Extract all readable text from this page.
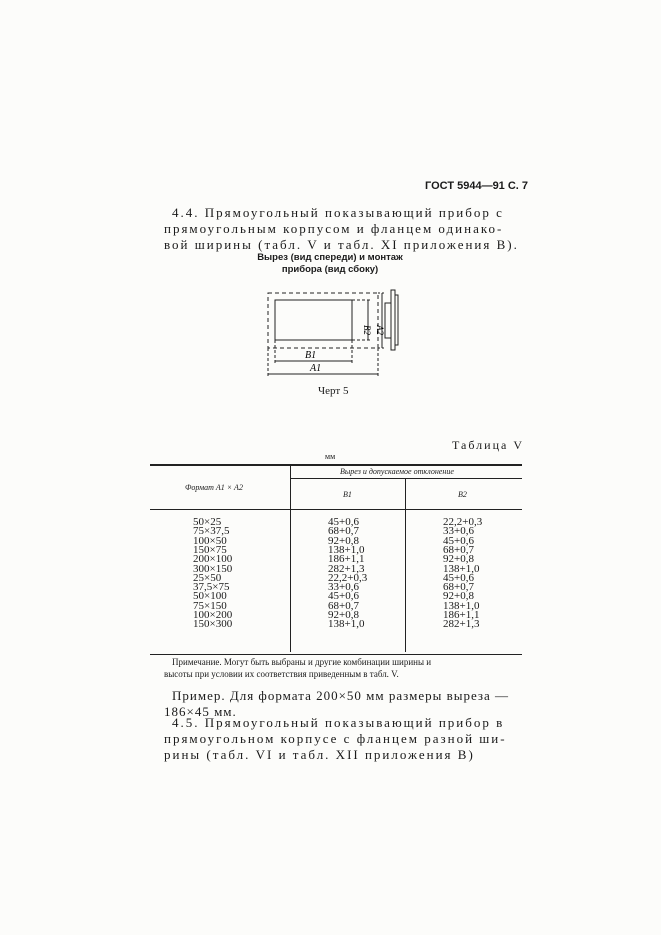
ГОСТ 5944—91 С. 7
4.4. Прямоугольный показывающий прибор с
прямоугольным корпусом и фланцем одинако-
вой ширины (табл. V и табл. XI приложения В).
Вырез (вид спереди) и монтаж
прибора (вид сбоку)
B1
A1
B2 A2
Черт 5
Таблица V
мм
Формат A1 × A2
Вырез и допускаемое отклонение
B1	B2
50×25	45+0,6	22,2+0,3
75×37,5	68+0,7	33+0,6
100×50	92+0,8	45+0,6
150×75	138+1,0	68+0,7
200×100	186+1,1	92+0,8
300×150	282+1,3	138+1,0
25×50	22,2+0,3	45+0,6
37,5×75	33+0,6	68+0,7
50×100	45+0,6	92+0,8
75×150	68+0,7	138+1,0
100×200	92+0,8	186+1,1
150×300	138+1,0	282+1,3
Примечание. Могут быть выбраны и другие комбинации ширины и
высоты при условии их соответствия приведенным в табл. V.
Пример. Для формата 200×50 мм размеры выреза —
186×45 мм.
4.5. Прямоугольный показывающий прибор в
прямоугольном корпусе с фланцем разной ши-
рины (табл. VI и табл. XII приложения В)
